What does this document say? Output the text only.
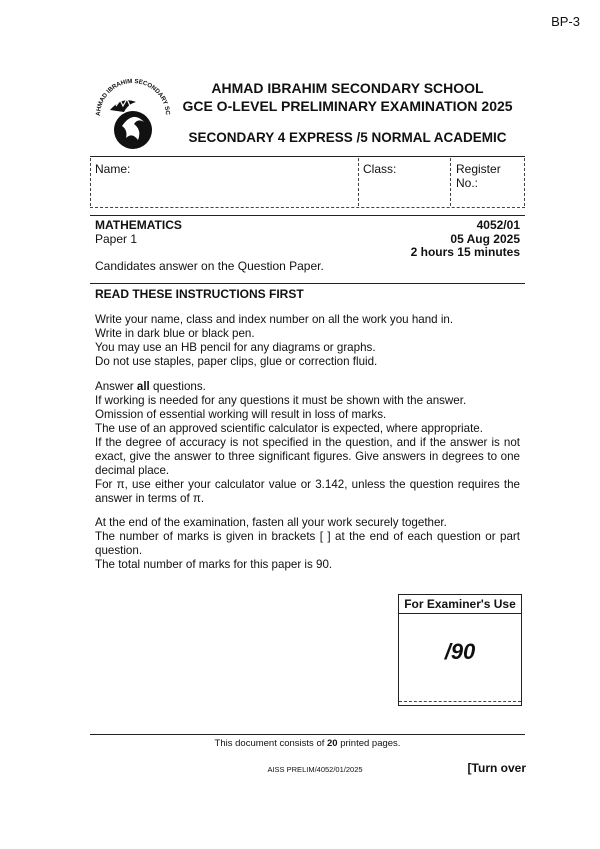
BP-3
AHMAD IBRAHIM SECONDARY SC
AHMAD IBRAHIM SECONDARY SCHOOL
GCE O-LEVEL PRELIMINARY EXAMINATION 2025
SECONDARY 4 EXPRESS /5 NORMAL ACADEMIC
Name:	Class:	Register
No.:
MATHEMATICS	4052/01
Paper 1	05 Aug 2025
2 hours 15 minutes
Candidates answer on the Question Paper.
READ THESE INSTRUCTIONS FIRST

Write your name, class and index number on all the work you hand in.

Write in dark blue or black pen.

You may use an HB pencil for any diagrams or graphs.

Do not use staples, paper clips, glue or correction fluid.

Answer all questions.

If working is needed for any questions it must be shown with the answer.

Omission of essential working will result in loss of marks.

The use of an approved scientific calculator is expected, where appropriate.

If the degree of accuracy is not specified in the question, and if the answer is not exact, give the answer to three significant figures. Give answers in degrees to one decimal place.

For π, use either your calculator value or 3.142, unless the question requires the answer in terms of π.

At the end of the examination, fasten all your work securely together.

The number of marks is given in brackets [ ] at the end of each question or part question.

The total number of marks for this paper is 90.

For Examiner's Use
/90
This document consists of 20 printed pages.
AISS PRELIM/4052/01/2025	[Turn over
